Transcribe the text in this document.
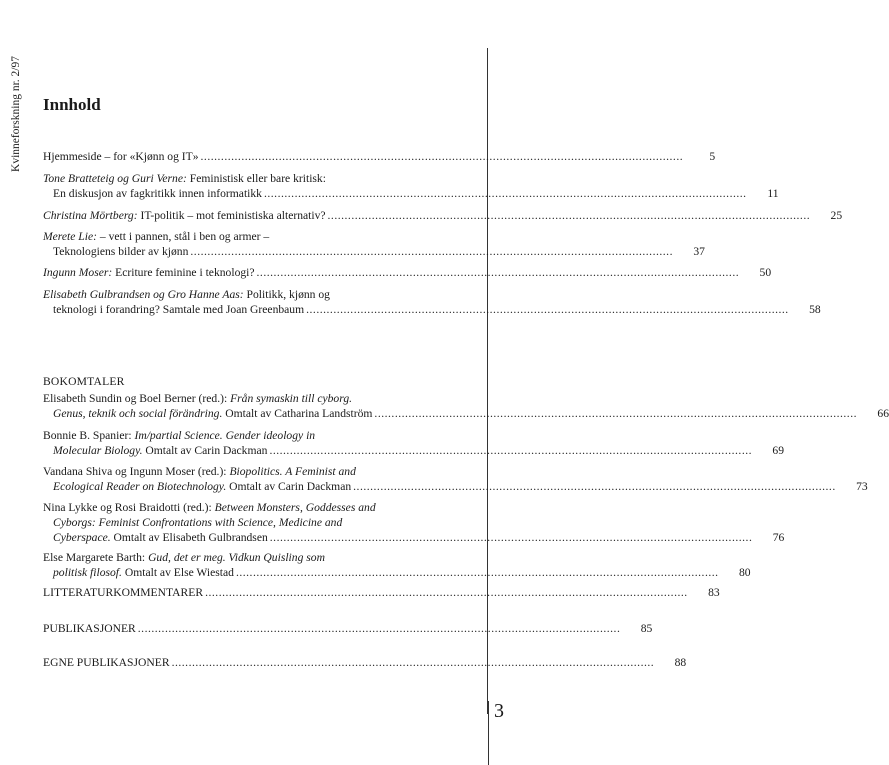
Kvinneforskning nr. 2/97
3
Innhold
Hjemmeside – for «Kjønn og IT» ..............................................................................................................................................	5
Tone Bratteteig og Guri Verne: Feministisk eller bare kritisk:
En diskusjon av fagkritikk innen informatikk ..............................................................................................................................................	11
Christina Mörtberg: IT-politik – mot feministiska alternativ? ..............................................................................................................................................	25
Merete Lie: – vett i pannen, stål i ben og armer –
Teknologiens bilder av kjønn ..............................................................................................................................................	37
Ingunn Moser: Ecriture feminine i teknologi? ..............................................................................................................................................	50
Elisabeth Gulbrandsen og Gro Hanne Aas: Politikk, kjønn og
teknologi i forandring? Samtale med Joan Greenbaum ..............................................................................................................................................	58
BOKOMTALER
Elisabeth Sundin og Boel Berner (red.): Från symaskin till cyborg.
Genus, teknik och social förändring. Omtalt av Catharina Landström ..............................................................................................................................................	66
Bonnie B. Spanier: Im/partial Science. Gender ideology in
Molecular Biology. Omtalt av Carin Dackman ..............................................................................................................................................	69
Vandana Shiva og Ingunn Moser (red.): Biopolitics. A Feminist and
Ecological Reader on Biotechnology. Omtalt av Carin Dackman ..............................................................................................................................................	73
Nina Lykke og Rosi Braidotti (red.): Between Monsters, Goddesses and
Cyborgs: Feminist Confrontations with Science, Medicine and
Cyberspace. Omtalt av Elisabeth Gulbrandsen ..............................................................................................................................................	76
Else Margarete Barth: Gud, det er meg. Vidkun Quisling som
politisk filosof. Omtalt av Else Wiestad ..............................................................................................................................................	80
LITTERATURKOMMENTARER ..............................................................................................................................................	83
PUBLIKASJONER ..............................................................................................................................................	85
EGNE PUBLIKASJONER ..............................................................................................................................................	88
